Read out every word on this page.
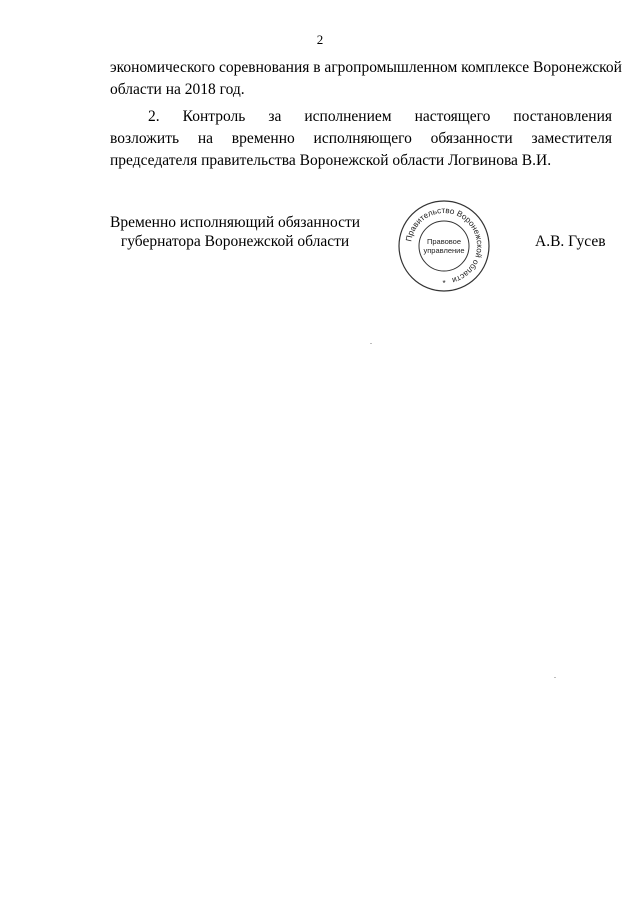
2
экономического соревнования в агропромышленном комплексе Воронежской
области на 2018 год.
2. Контроль за исполнением настоящего постановления
возложить на временно исполняющего обязанности заместителя
председателя правительства Воронежской области Логвинова В.И.
Временно исполняющий обязанности
губернатора Воронежской области	Правительство Воронежской области
Правовое
управление
*
А.В. Гусев
